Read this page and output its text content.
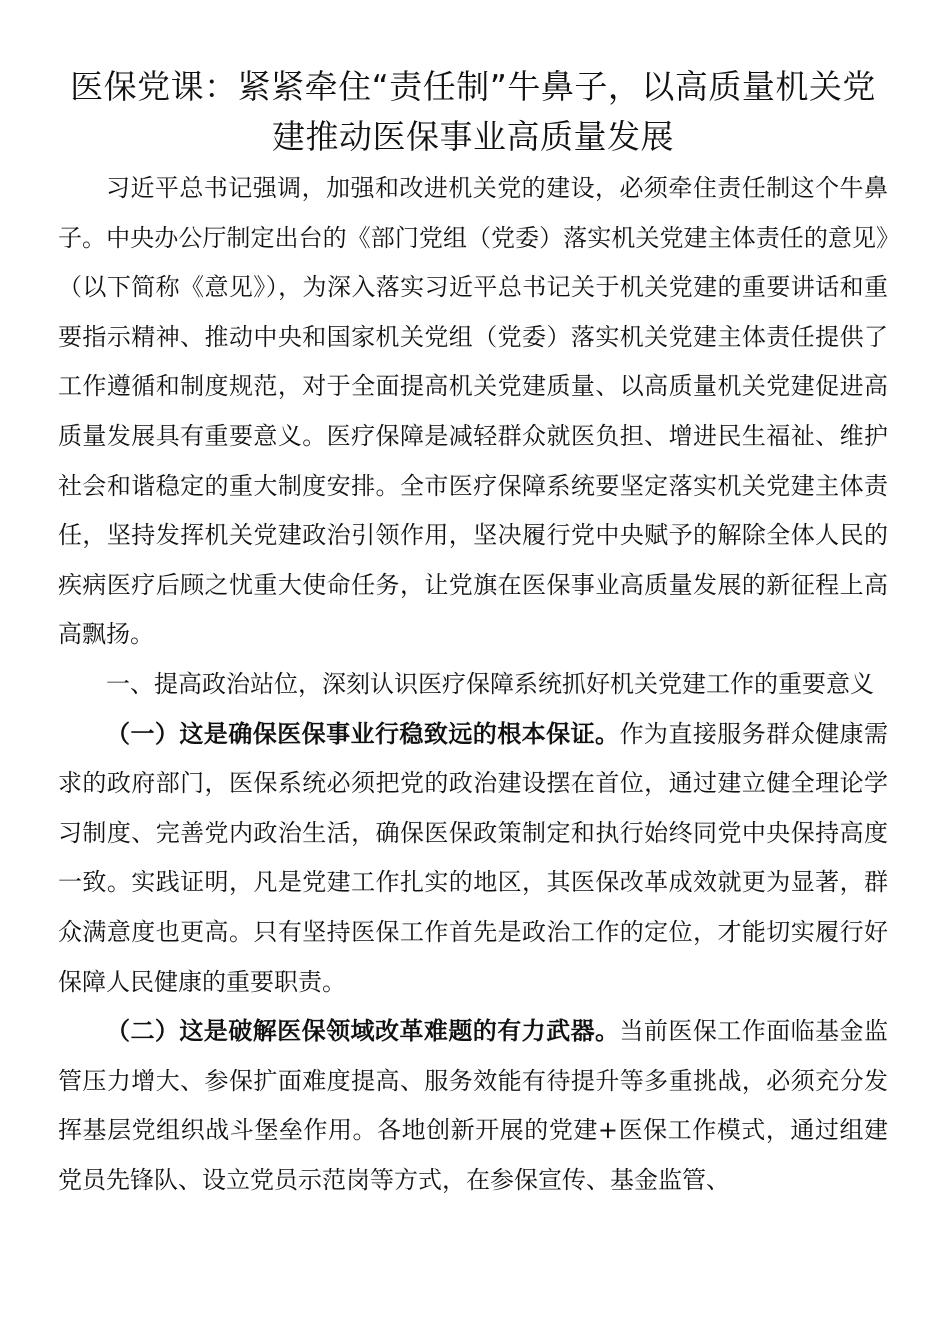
医保党课：紧紧牵住“责任制”牛鼻子，以高质量机关党建推动医保事业高质量发展

习近平总书记强调，加强和改进机关党的建设，必须牵住责任制这个牛鼻子。中央办公厅制定出台的《部门党组（党委）落实机关党建主体责任的意见》（以下简称《意见》），为深入落实习近平总书记关于机关党建的重要讲话和重要指示精神、推动中央和国家机关党组（党委）落实机关党建主体责任提供了工作遵循和制度规范，对于全面提高机关党建质量、以高质量机关党建促进高质量发展具有重要意义。医疗保障是减轻群众就医负担、增进民生福祉、维护社会和谐稳定的重大制度安排。全市医疗保障系统要坚定落实机关党建主体责任，坚持发挥机关党建政治引领作用，坚决履行党中央赋予的解除全体人民的疾病医疗后顾之忧重大使命任务，让党旗在医保事业高质量发展的新征程上高高飘扬。

一、提高政治站位，深刻认识医疗保障系统抓好机关党建工作的重要意义

（一）这是确保医保事业行稳致远的根本保证。作为直接服务群众健康需求的政府部门，医保系统必须把党的政治建设摆在首位，通过建立健全理论学习制度、完善党内政治生活，确保医保政策制定和执行始终同党中央保持高度一致。实践证明，凡是党建工作扎实的地区，其医保改革成效就更为显著，群众满意度也更高。只有坚持医保工作首先是政治工作的定位，才能切实履行好保障人民健康的重要职责。

（二）这是破解医保领域改革难题的有力武器。当前医保工作面临基金监管压力增大、参保扩面难度提高、服务效能有待提升等多重挑战，必须充分发挥基层党组织战斗堡垒作用。各地创新开展的党建+医保工作模式，通过组建党员先锋队、设立党员示范岗等方式，在参保宣传、基金监管、
